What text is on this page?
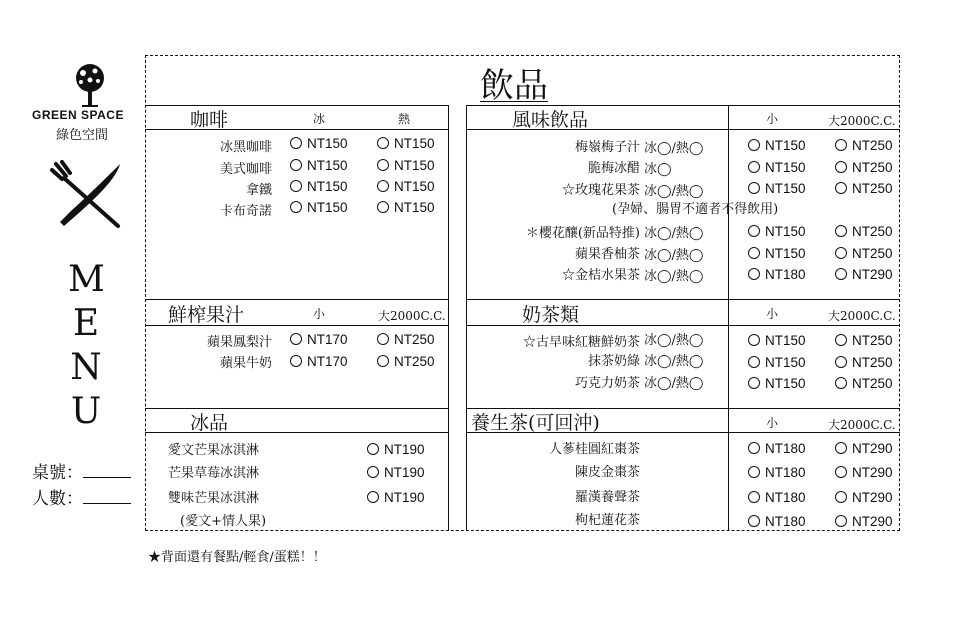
GREEN SPACE
綠色空間
M
E
N
U
桌號：
人數：
飲品
咖啡	冰	熱
冰黑咖啡	NT150	NT150
美式咖啡	NT150	NT150
拿鐵	NT150	NT150
卡布奇諾	NT150	NT150
鮮榨果汁	小	大2000C.C.
蘋果鳳梨汁	NT170	NT250
蘋果牛奶	NT170	NT250
冰品
愛文芒果冰淇淋	NT190
芒果草莓冰淇淋	NT190
雙味芒果冰淇淋	NT190
(愛文+情人果)
風味飲品	小	大2000C.C.
梅嶺梅子汁 冰◯/熱◯	NT150	NT250
脆梅冰醋 冰◯	NT150	NT250
☆玫瑰花果茶 冰◯/熱◯	NT150	NT250
(孕婦、腸胃不適者不得飲用)
＊櫻花釀(新品特推) 冰◯/熱◯	NT150	NT250
蘋果香柚茶 冰◯/熱◯	NT150	NT250
☆金桔水果茶 冰◯/熱◯	NT180	NT290
奶茶類	小	大2000C.C.
☆古早味紅糖鮮奶茶 冰◯/熱◯	NT150	NT250
抹茶奶綠 冰◯/熱◯	NT150	NT250
巧克力奶茶 冰◯/熱◯	NT150	NT250
養生茶(可回沖)	小	大2000C.C.
人蔘桂圓紅棗茶	NT180	NT290
陳皮金棗茶	NT180	NT290
羅漢養聲茶	NT180	NT290
枸杞蓮花茶	NT180	NT290
★背面還有餐點/輕食/蛋糕！！
